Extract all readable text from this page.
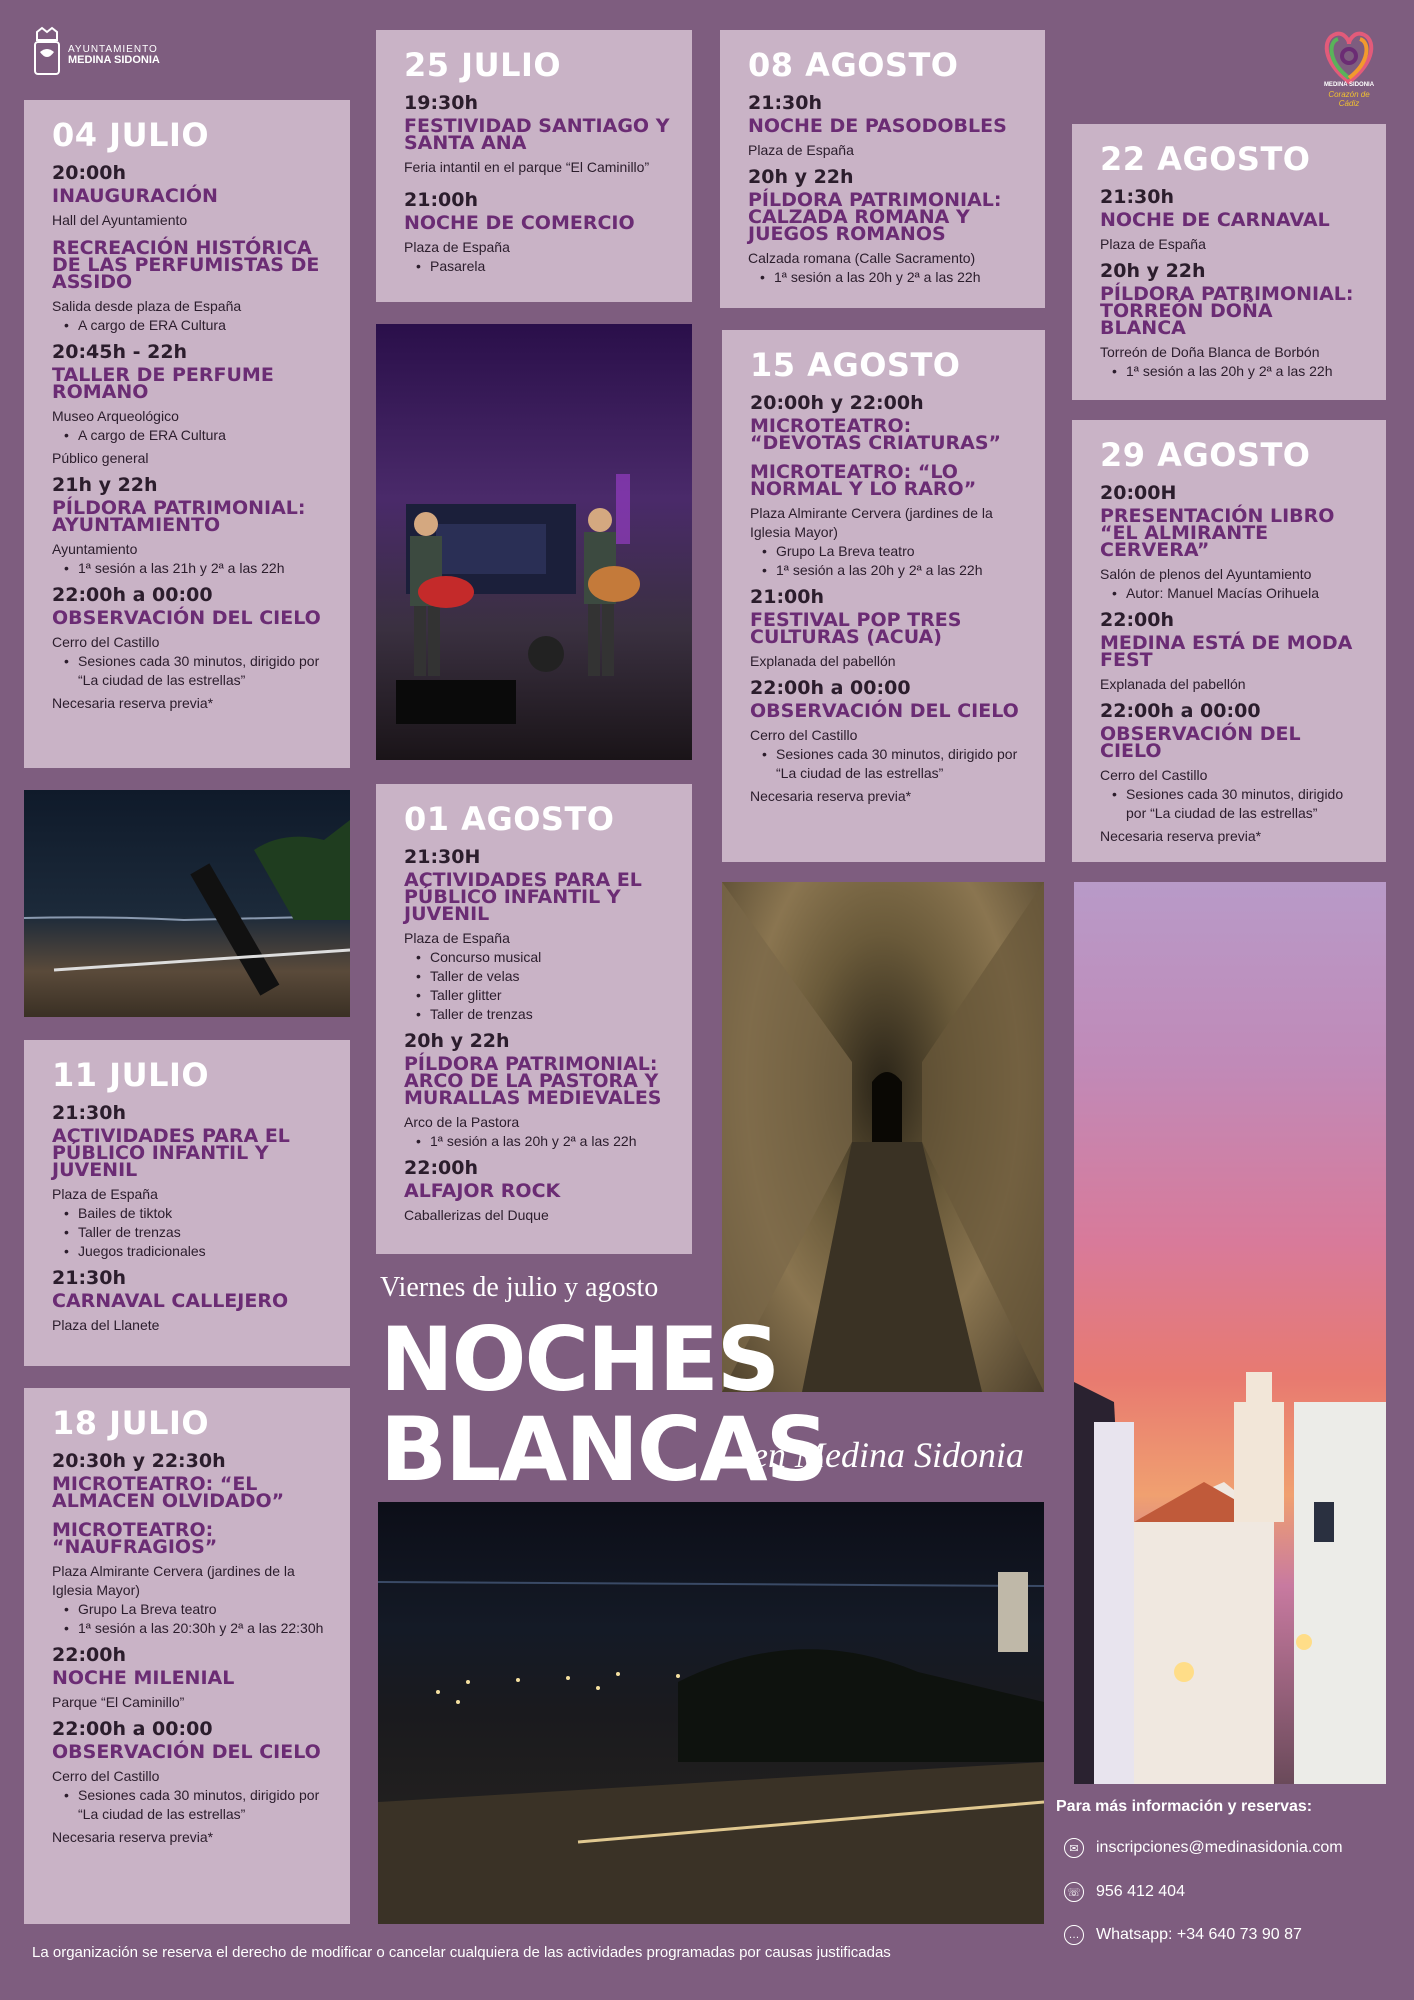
AYUNTAMIENTO
MEDINA SIDONIA
MEDINA SIDONIA
Corazón de Cádiz
04 JULIO
20:00h
INAUGURACIÓN
Hall del Ayuntamiento
RECREACIÓN HISTÓRICA DE LAS PERFUMISTAS DE ASSIDO
Salida desde plaza de España
• A cargo de ERA Cultura
20:45h - 22h
TALLER DE PERFUME ROMANO
Museo Arqueológico
• A cargo de ERA Cultura
Público general
21h y 22h
PÍLDORA PATRIMONIAL: AYUNTAMIENTO
Ayuntamiento
• 1ª sesión a las 21h y 2ª a las 22h
22:00h a 00:00
OBSERVACIÓN DEL CIELO
Cerro del Castillo
• Sesiones cada 30 minutos, dirigido por “La ciudad de las estrellas”
Necesaria reserva previa*
11 JULIO
21:30h
ACTIVIDADES PARA EL PÚBLICO INFANTIL Y JUVENIL
Plaza de España
• Bailes de tiktok
• Taller de trenzas
• Juegos tradicionales
21:30h
CARNAVAL CALLEJERO
Plaza del Llanete
18 JULIO
20:30h y 22:30h
MICROTEATRO: “EL ALMACEN OLVIDADO”
MICROTEATRO: “NAUFRAGIOS”
Plaza Almirante Cervera (jardines de la Iglesia Mayor)
• Grupo La Breva teatro
• 1ª sesión a las 20:30h y 2ª a las 22:30h
22:00h
NOCHE MILENIAL
Parque “El Caminillo”
22:00h a 00:00
OBSERVACIÓN DEL CIELO
Cerro del Castillo
• Sesiones cada 30 minutos, dirigido por “La ciudad de las estrellas”
Necesaria reserva previa*
25 JULIO
19:30h
FESTIVIDAD SANTIAGO Y SANTA ANA
Feria intantil en el parque “El Caminillo”
21:00h
NOCHE DE COMERCIO
Plaza de España
• Pasarela
01 AGOSTO
21:30H
ACTIVIDADES PARA EL PÚBLICO INFANTIL Y JUVENIL
Plaza de España
• Concurso musical
• Taller de velas
• Taller glitter
• Taller de trenzas
20h y 22h
PÍLDORA PATRIMONIAL: ARCO DE LA PASTORA Y MURALLAS MEDIEVALES
Arco de la Pastora
• 1ª sesión a las 20h y 2ª a las 22h
22:00h
ALFAJOR ROCK
Caballerizas del Duque
08 AGOSTO
21:30h
NOCHE DE PASODOBLES
Plaza de España
20h y 22h
PÍLDORA PATRIMONIAL: CALZADA ROMANA Y JUEGOS ROMANOS
Calzada romana (Calle Sacramento)
• 1ª sesión a las 20h y 2ª a las 22h
15 AGOSTO
20:00h y 22:00h
MICROTEATRO: “DEVOTAS CRIATURAS”
MICROTEATRO: “LO NORMAL Y LO RARO”
Plaza Almirante Cervera (jardines de la Iglesia Mayor)
• Grupo La Breva teatro
• 1ª sesión a las 20h y 2ª a las 22h
21:00h
FESTIVAL POP TRES CULTURAS (ACUA)
Explanada del pabellón
22:00h a 00:00
OBSERVACIÓN DEL CIELO
Cerro del Castillo
• Sesiones cada 30 minutos, dirigido por “La ciudad de las estrellas”
Necesaria reserva previa*
22 AGOSTO
21:30h
NOCHE DE CARNAVAL
Plaza de España
20h y 22h
PÍLDORA PATRIMONIAL: TORREÓN DOÑA BLANCA
Torreón de Doña Blanca de Borbón
• 1ª sesión a las 20h y 2ª a las 22h
29 AGOSTO
20:00H
PRESENTACIÓN LIBRO “EL ALMIRANTE CERVERA”
Salón de plenos del Ayuntamiento
• Autor: Manuel Macías Orihuela
22:00h
MEDINA ESTÁ DE MODA FEST
Explanada del pabellón
22:00h a 00:00
OBSERVACIÓN DEL CIELO
Cerro del Castillo
• Sesiones cada 30 minutos, dirigido por “La ciudad de las estrellas”
Necesaria reserva previa*
Viernes de julio y agosto
NOCHES
BLANCAS
en Medina Sidonia
Para más información y reservas:
✉	inscripciones@medinasidonia.com
☏ 956 412 404
… Whatsapp: +34 640 73 90 87
La organización se reserva el derecho de modificar o cancelar cualquiera de las actividades programadas por causas justificadas
